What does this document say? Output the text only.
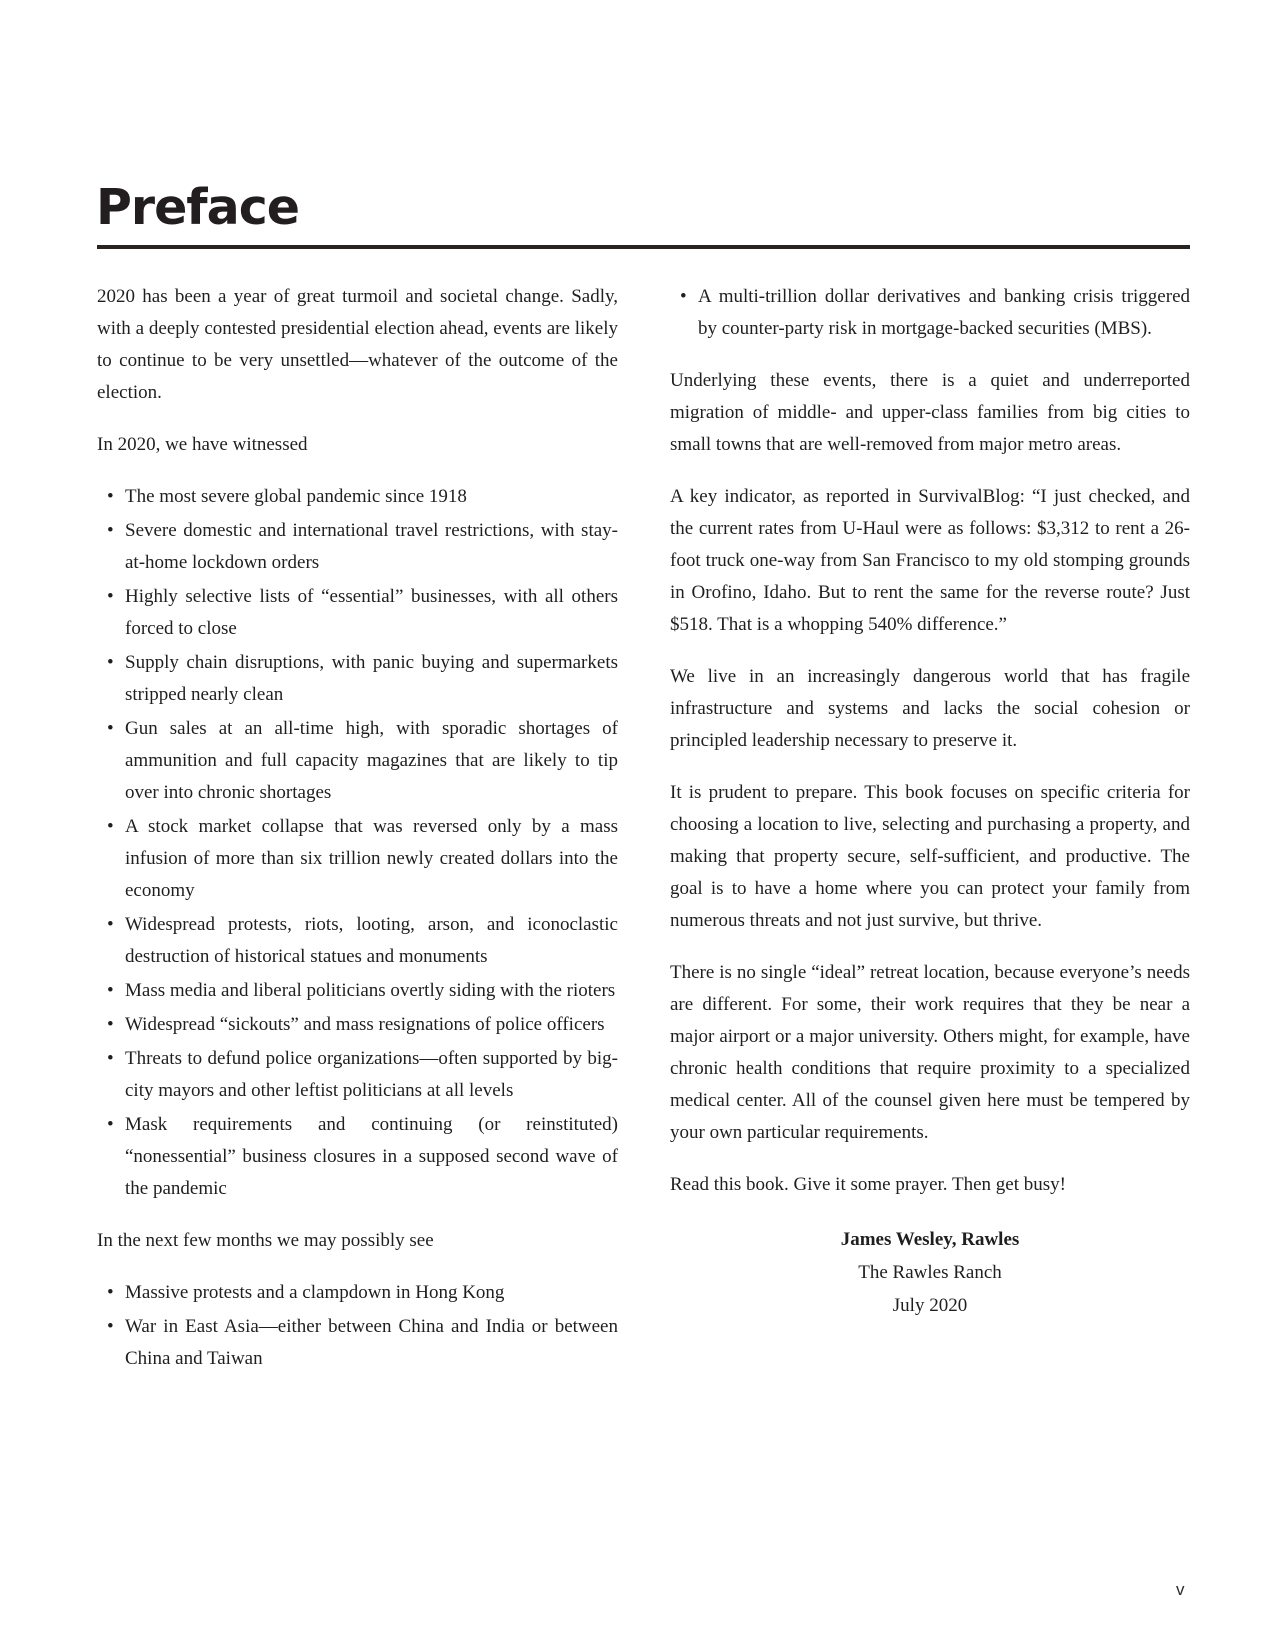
Preface

2020 has been a year of great turmoil and societal change. Sadly, with a deeply contested presidential election ahead, events are likely to continue to be very unsettled—whatever of the outcome of the election.

In 2020, we have witnessed

• The most severe global pandemic since 1918
• Severe domestic and international travel restrictions, with stay-at-home lockdown orders
• Highly selective lists of “essential” businesses, with all others forced to close
• Supply chain disruptions, with panic buying and supermarkets stripped nearly clean
• Gun sales at an all-time high, with sporadic shortages of ammunition and full capacity magazines that are likely to tip over into chronic shortages
• A stock market collapse that was reversed only by a mass infusion of more than six trillion newly created dollars into the economy
• Widespread protests, riots, looting, arson, and iconoclastic destruction of historical statues and monuments
• Mass media and liberal politicians overtly siding with the rioters
• Widespread “sickouts” and mass resignations of police officers
• Threats to defund police organizations—often supported by big-city mayors and other leftist politicians at all levels
• Mask requirements and continuing (or reinstituted) “nonessential” business closures in a supposed second wave of the pandemic

In the next few months we may possibly see

• Massive protests and a clampdown in Hong Kong
• War in East Asia—either between China and India or between China and Taiwan
• A multi-trillion dollar derivatives and banking crisis triggered by counter-party risk in mortgage-backed securities (MBS).

Underlying these events, there is a quiet and underreported migration of middle- and upper-class families from big cities to small towns that are well-removed from major metro areas.

A key indicator, as reported in SurvivalBlog: “I just checked, and the current rates from U-Haul were as follows: $3,312 to rent a 26-foot truck one-way from San Francisco to my old stomping grounds in Orofino, Idaho. But to rent the same for the reverse route? Just $518. That is a whopping 540% difference.”

We live in an increasingly dangerous world that has fragile infrastructure and systems and lacks the social cohesion or principled leadership necessary to preserve it.

It is prudent to prepare. This book focuses on specific criteria for choosing a location to live, selecting and purchasing a property, and making that property secure, self-sufficient, and productive. The goal is to have a home where you can protect your family from numerous threats and not just survive, but thrive.

There is no single “ideal” retreat location, because everyone’s needs are different. For some, their work requires that they be near a major airport or a major university. Others might, for example, have chronic health conditions that require proximity to a specialized medical center. All of the counsel given here must be tempered by your own particular requirements.

Read this book. Give it some prayer. Then get busy!

James Wesley, Rawles
The Rawles Ranch
July 2020
v
